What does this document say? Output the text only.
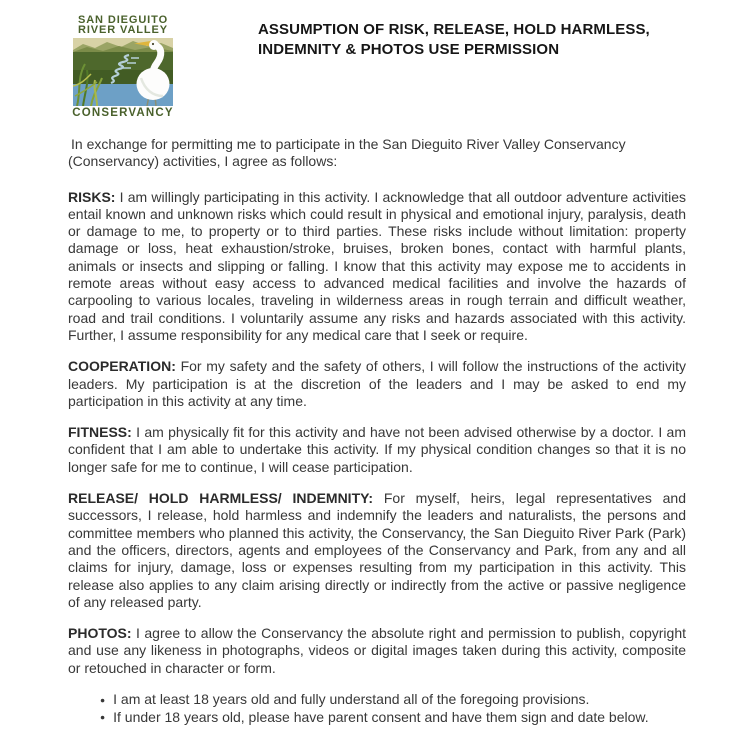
SAN DIEGUITO
RIVER VALLEY
CONSERVANCY
ASSUMPTION OF RISK, RELEASE, HOLD HARMLESS,
INDEMNITY & PHOTOS USE PERMISSION

In exchange for permitting me to participate in the San Dieguito River Valley Conservancy (Conservancy) activities, I agree as follows:

RISKS: I am willingly participating in this activity. I acknowledge that all outdoor adventure activities entail known and unknown risks which could result in physical and emotional injury, paralysis, death or damage to me, to property or to third parties. These risks include without limitation: property damage or loss, heat exhaustion/stroke, bruises, broken bones, contact with harmful plants, animals or insects and slipping or falling. I know that this activity may expose me to accidents in remote areas without easy access to advanced medical facilities and involve the hazards of carpooling to various locales, traveling in wilderness areas in rough terrain and difficult weather, road and trail conditions. I voluntarily assume any risks and hazards associated with this activity. Further, I assume responsibility for any medical care that I seek or require.

COOPERATION: For my safety and the safety of others, I will follow the instructions of the activity leaders. My participation is at the discretion of the leaders and I may be asked to end my participation in this activity at any time.

FITNESS: I am physically fit for this activity and have not been advised otherwise by a doctor. I am confident that I am able to undertake this activity. If my physical condition changes so that it is no longer safe for me to continue, I will cease participation.

RELEASE/ HOLD HARMLESS/ INDEMNITY: For myself, heirs, legal representatives and successors, I release, hold harmless and indemnify the leaders and naturalists, the persons and committee members who planned this activity, the Conservancy, the San Dieguito River Park (Park) and the officers, directors, agents and employees of the Conservancy and Park, from any and all claims for injury, damage, loss or expenses resulting from my participation in this activity. This release also applies to any claim arising directly or indirectly from the active or passive negligence of any released party.

PHOTOS: I agree to allow the Conservancy the absolute right and permission to publish, copyright and use any likeness in photographs, videos or digital images taken during this activity, composite or retouched in character or form.

● I am at least 18 years old and fully understand all of the foregoing provisions.
● If under 18 years old, please have parent consent and have them sign and date below.
